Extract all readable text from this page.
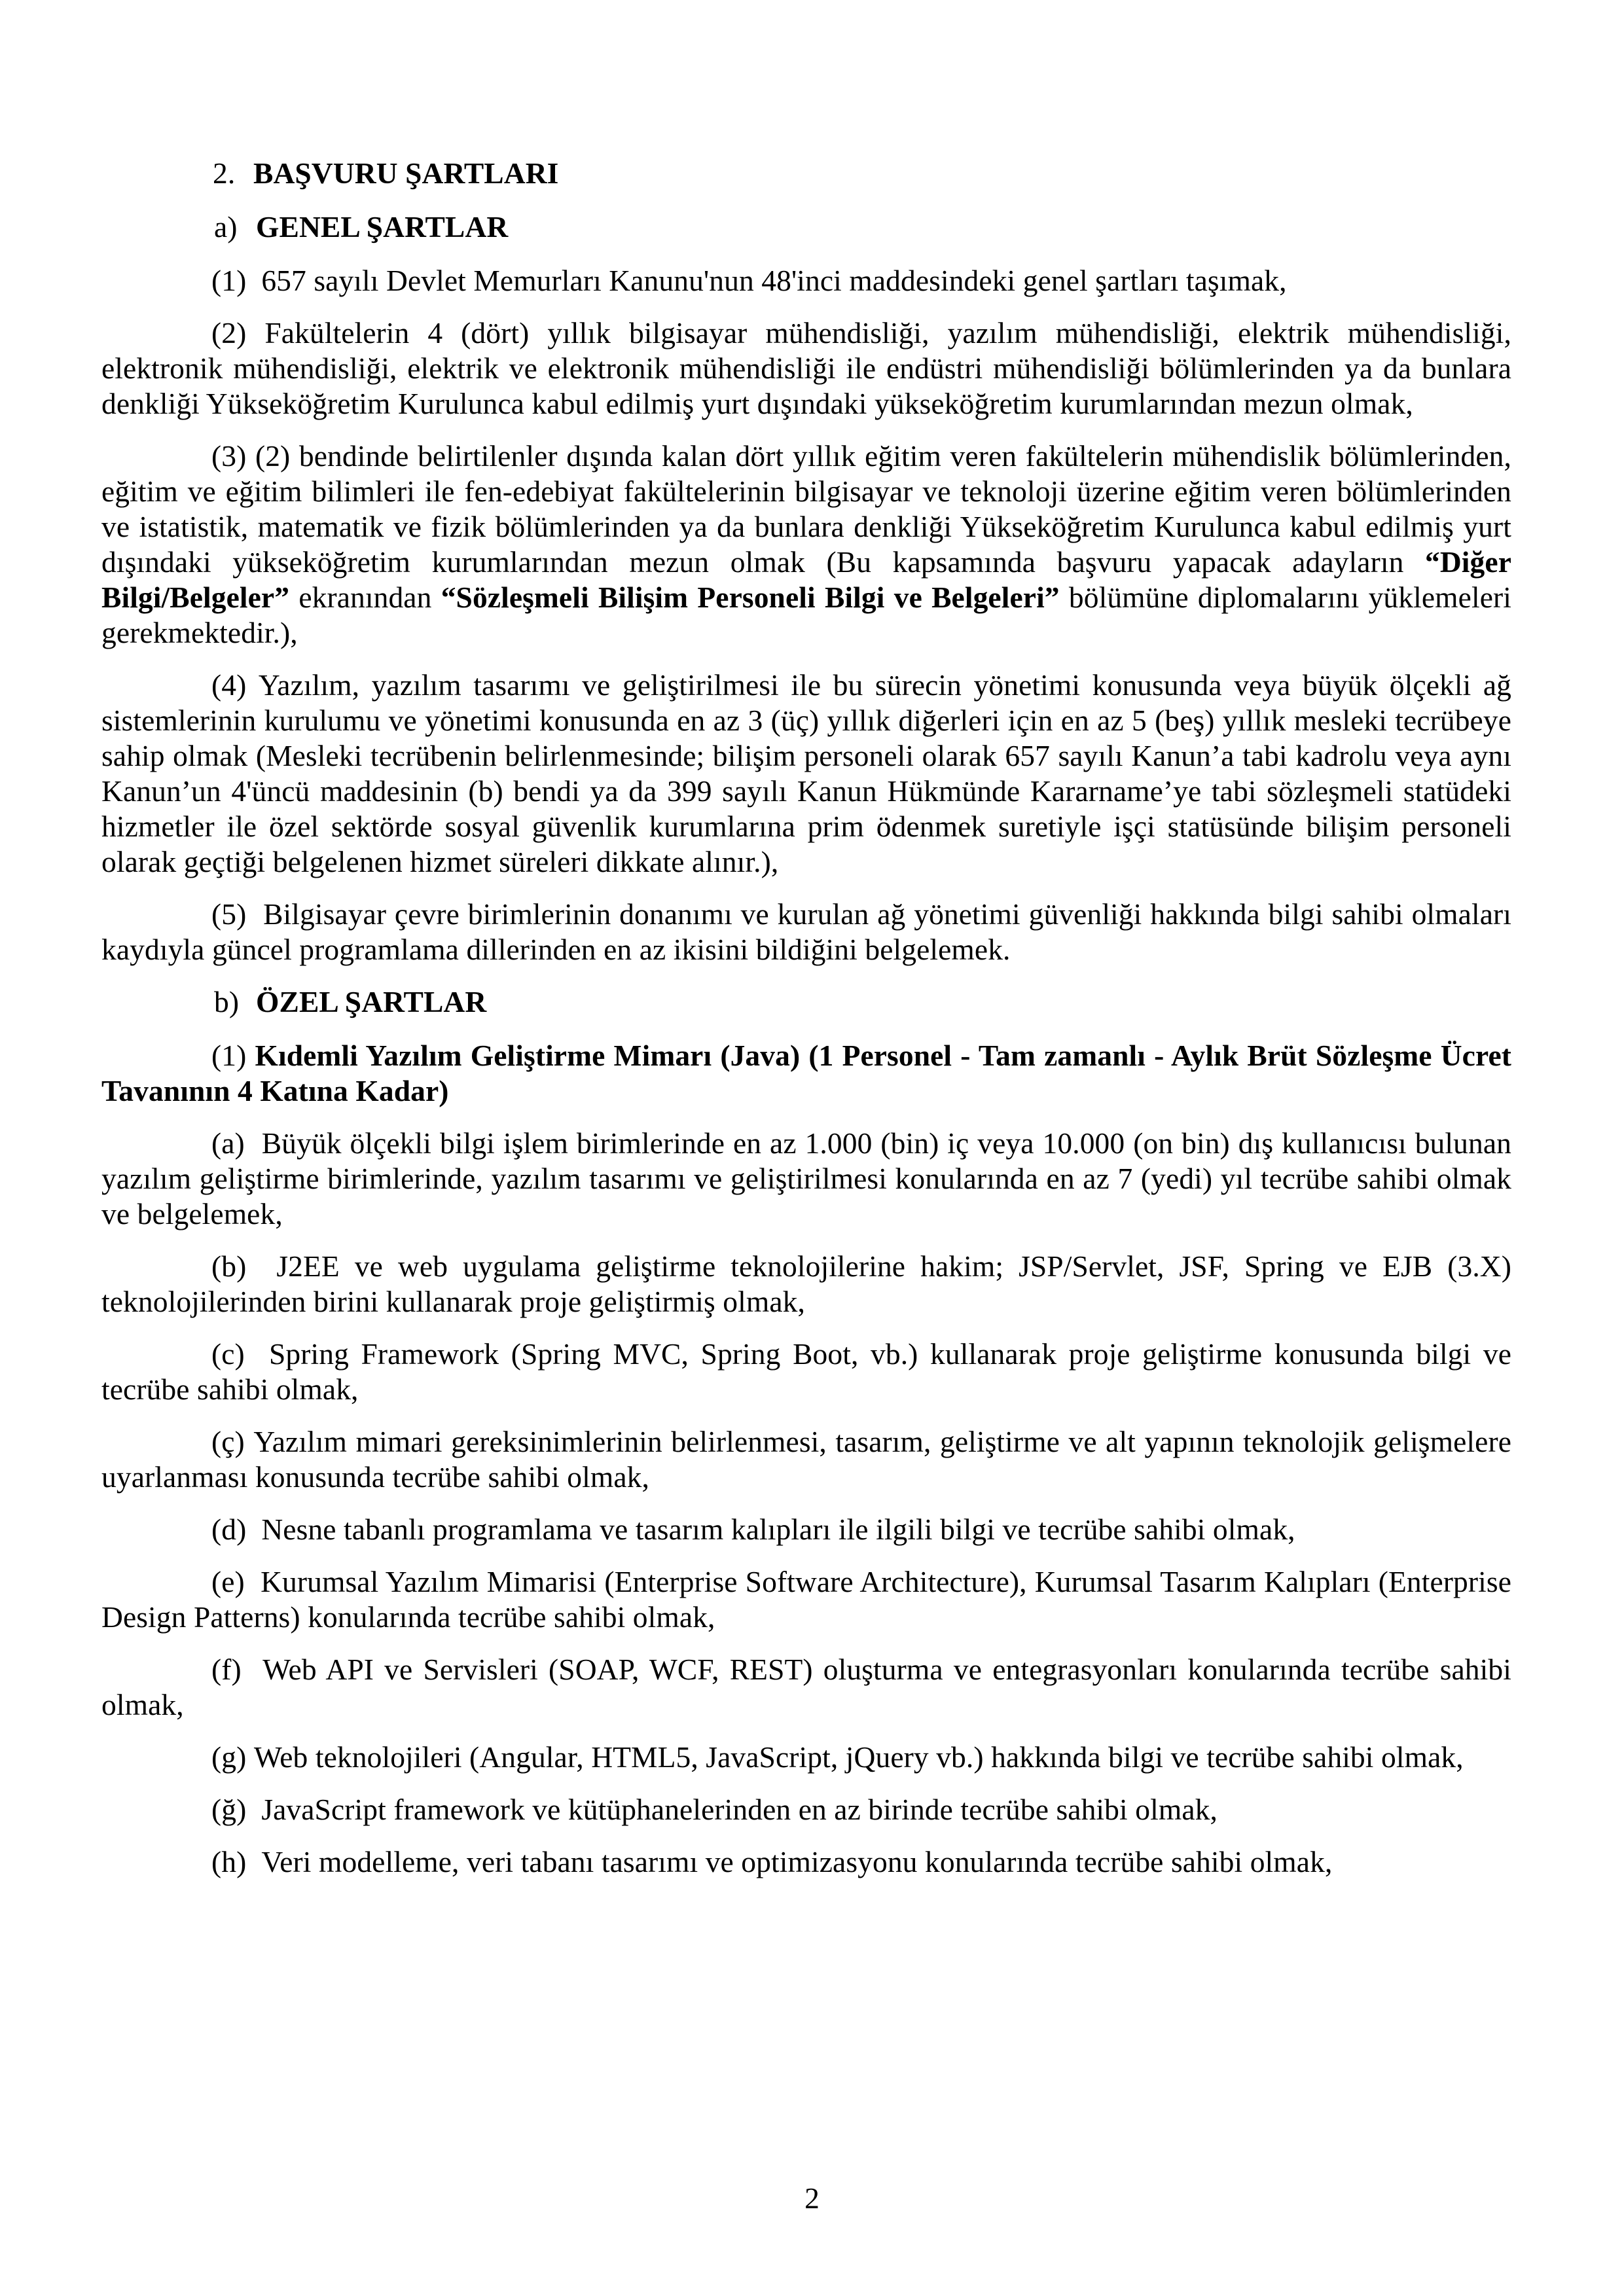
2. BAŞVURU ŞARTLARI
a) GENEL ŞARTLAR

(1) 657 sayılı Devlet Memurları Kanunu'nun 48'inci maddesindeki genel şartları taşımak,

(2) Fakültelerin 4 (dört) yıllık bilgisayar mühendisliği, yazılım mühendisliği, elektrik mühendisliği, elektronik mühendisliği, elektrik ve elektronik mühendisliği ile endüstri mühendisliği bölümlerinden ya da bunlara denkliği Yükseköğretim Kurulunca kabul edilmiş yurt dışındaki yükseköğretim kurumlarından mezun olmak,

(3) (2) bendinde belirtilenler dışında kalan dört yıllık eğitim veren fakültelerin mühendislik bölümlerinden, eğitim ve eğitim bilimleri ile fen-edebiyat fakültelerinin bilgisayar ve teknoloji üzerine eğitim veren bölümlerinden ve istatistik, matematik ve fizik bölümlerinden ya da bunlara denkliği Yükseköğretim Kurulunca kabul edilmiş yurt dışındaki yükseköğretim kurumlarından mezun olmak (Bu kapsamında başvuru yapacak adayların “Diğer Bilgi/Belgeler” ekranından “Sözleşmeli Bilişim Personeli Bilgi ve Belgeleri” bölümüne diplomalarını yüklemeleri gerekmektedir.),

(4) Yazılım, yazılım tasarımı ve geliştirilmesi ile bu sürecin yönetimi konusunda veya büyük ölçekli ağ sistemlerinin kurulumu ve yönetimi konusunda en az 3 (üç) yıllık diğerleri için en az 5 (beş) yıllık mesleki tecrübeye sahip olmak (Mesleki tecrübenin belirlenmesinde; bilişim personeli olarak 657 sayılı Kanun’a tabi kadrolu veya aynı Kanun’un 4'üncü maddesinin (b) bendi ya da 399 sayılı Kanun Hükmünde Kararname’ye tabi sözleşmeli statüdeki hizmetler ile özel sektörde sosyal güvenlik kurumlarına prim ödenmek suretiyle işçi statüsünde bilişim personeli olarak geçtiği belgelenen hizmet süreleri dikkate alınır.),

(5) Bilgisayar çevre birimlerinin donanımı ve kurulan ağ yönetimi güvenliği hakkında bilgi sahibi olmaları kaydıyla güncel programlama dillerinden en az ikisini bildiğini belgelemek.

b) ÖZEL ŞARTLAR

(1) Kıdemli Yazılım Geliştirme Mimarı (Java) (1 Personel - Tam zamanlı - Aylık Brüt Sözleşme Ücret Tavanının 4 Katına Kadar)

(a) Büyük ölçekli bilgi işlem birimlerinde en az 1.000 (bin) iç veya 10.000 (on bin) dış kullanıcısı bulunan yazılım geliştirme birimlerinde, yazılım tasarımı ve geliştirilmesi konularında en az 7 (yedi) yıl tecrübe sahibi olmak ve belgelemek,

(b) J2EE ve web uygulama geliştirme teknolojilerine hakim; JSP/Servlet, JSF, Spring ve EJB (3.X) teknolojilerinden birini kullanarak proje geliştirmiş olmak,

(c) Spring Framework (Spring MVC, Spring Boot, vb.) kullanarak proje geliştirme konusunda bilgi ve tecrübe sahibi olmak,

(ç) Yazılım mimari gereksinimlerinin belirlenmesi, tasarım, geliştirme ve alt yapının teknolojik gelişmelere uyarlanması konusunda tecrübe sahibi olmak,

(d) Nesne tabanlı programlama ve tasarım kalıpları ile ilgili bilgi ve tecrübe sahibi olmak,

(e) Kurumsal Yazılım Mimarisi (Enterprise Software Architecture), Kurumsal Tasarım Kalıpları (Enterprise Design Patterns) konularında tecrübe sahibi olmak,

(f) Web API ve Servisleri (SOAP, WCF, REST) oluşturma ve entegrasyonları konularında tecrübe sahibi olmak,

(g) Web teknolojileri (Angular, HTML5, JavaScript, jQuery vb.) hakkında bilgi ve tecrübe sahibi olmak,

(ğ) JavaScript framework ve kütüphanelerinden en az birinde tecrübe sahibi olmak,

(h) Veri modelleme, veri tabanı tasarımı ve optimizasyonu konularında tecrübe sahibi olmak,

2
